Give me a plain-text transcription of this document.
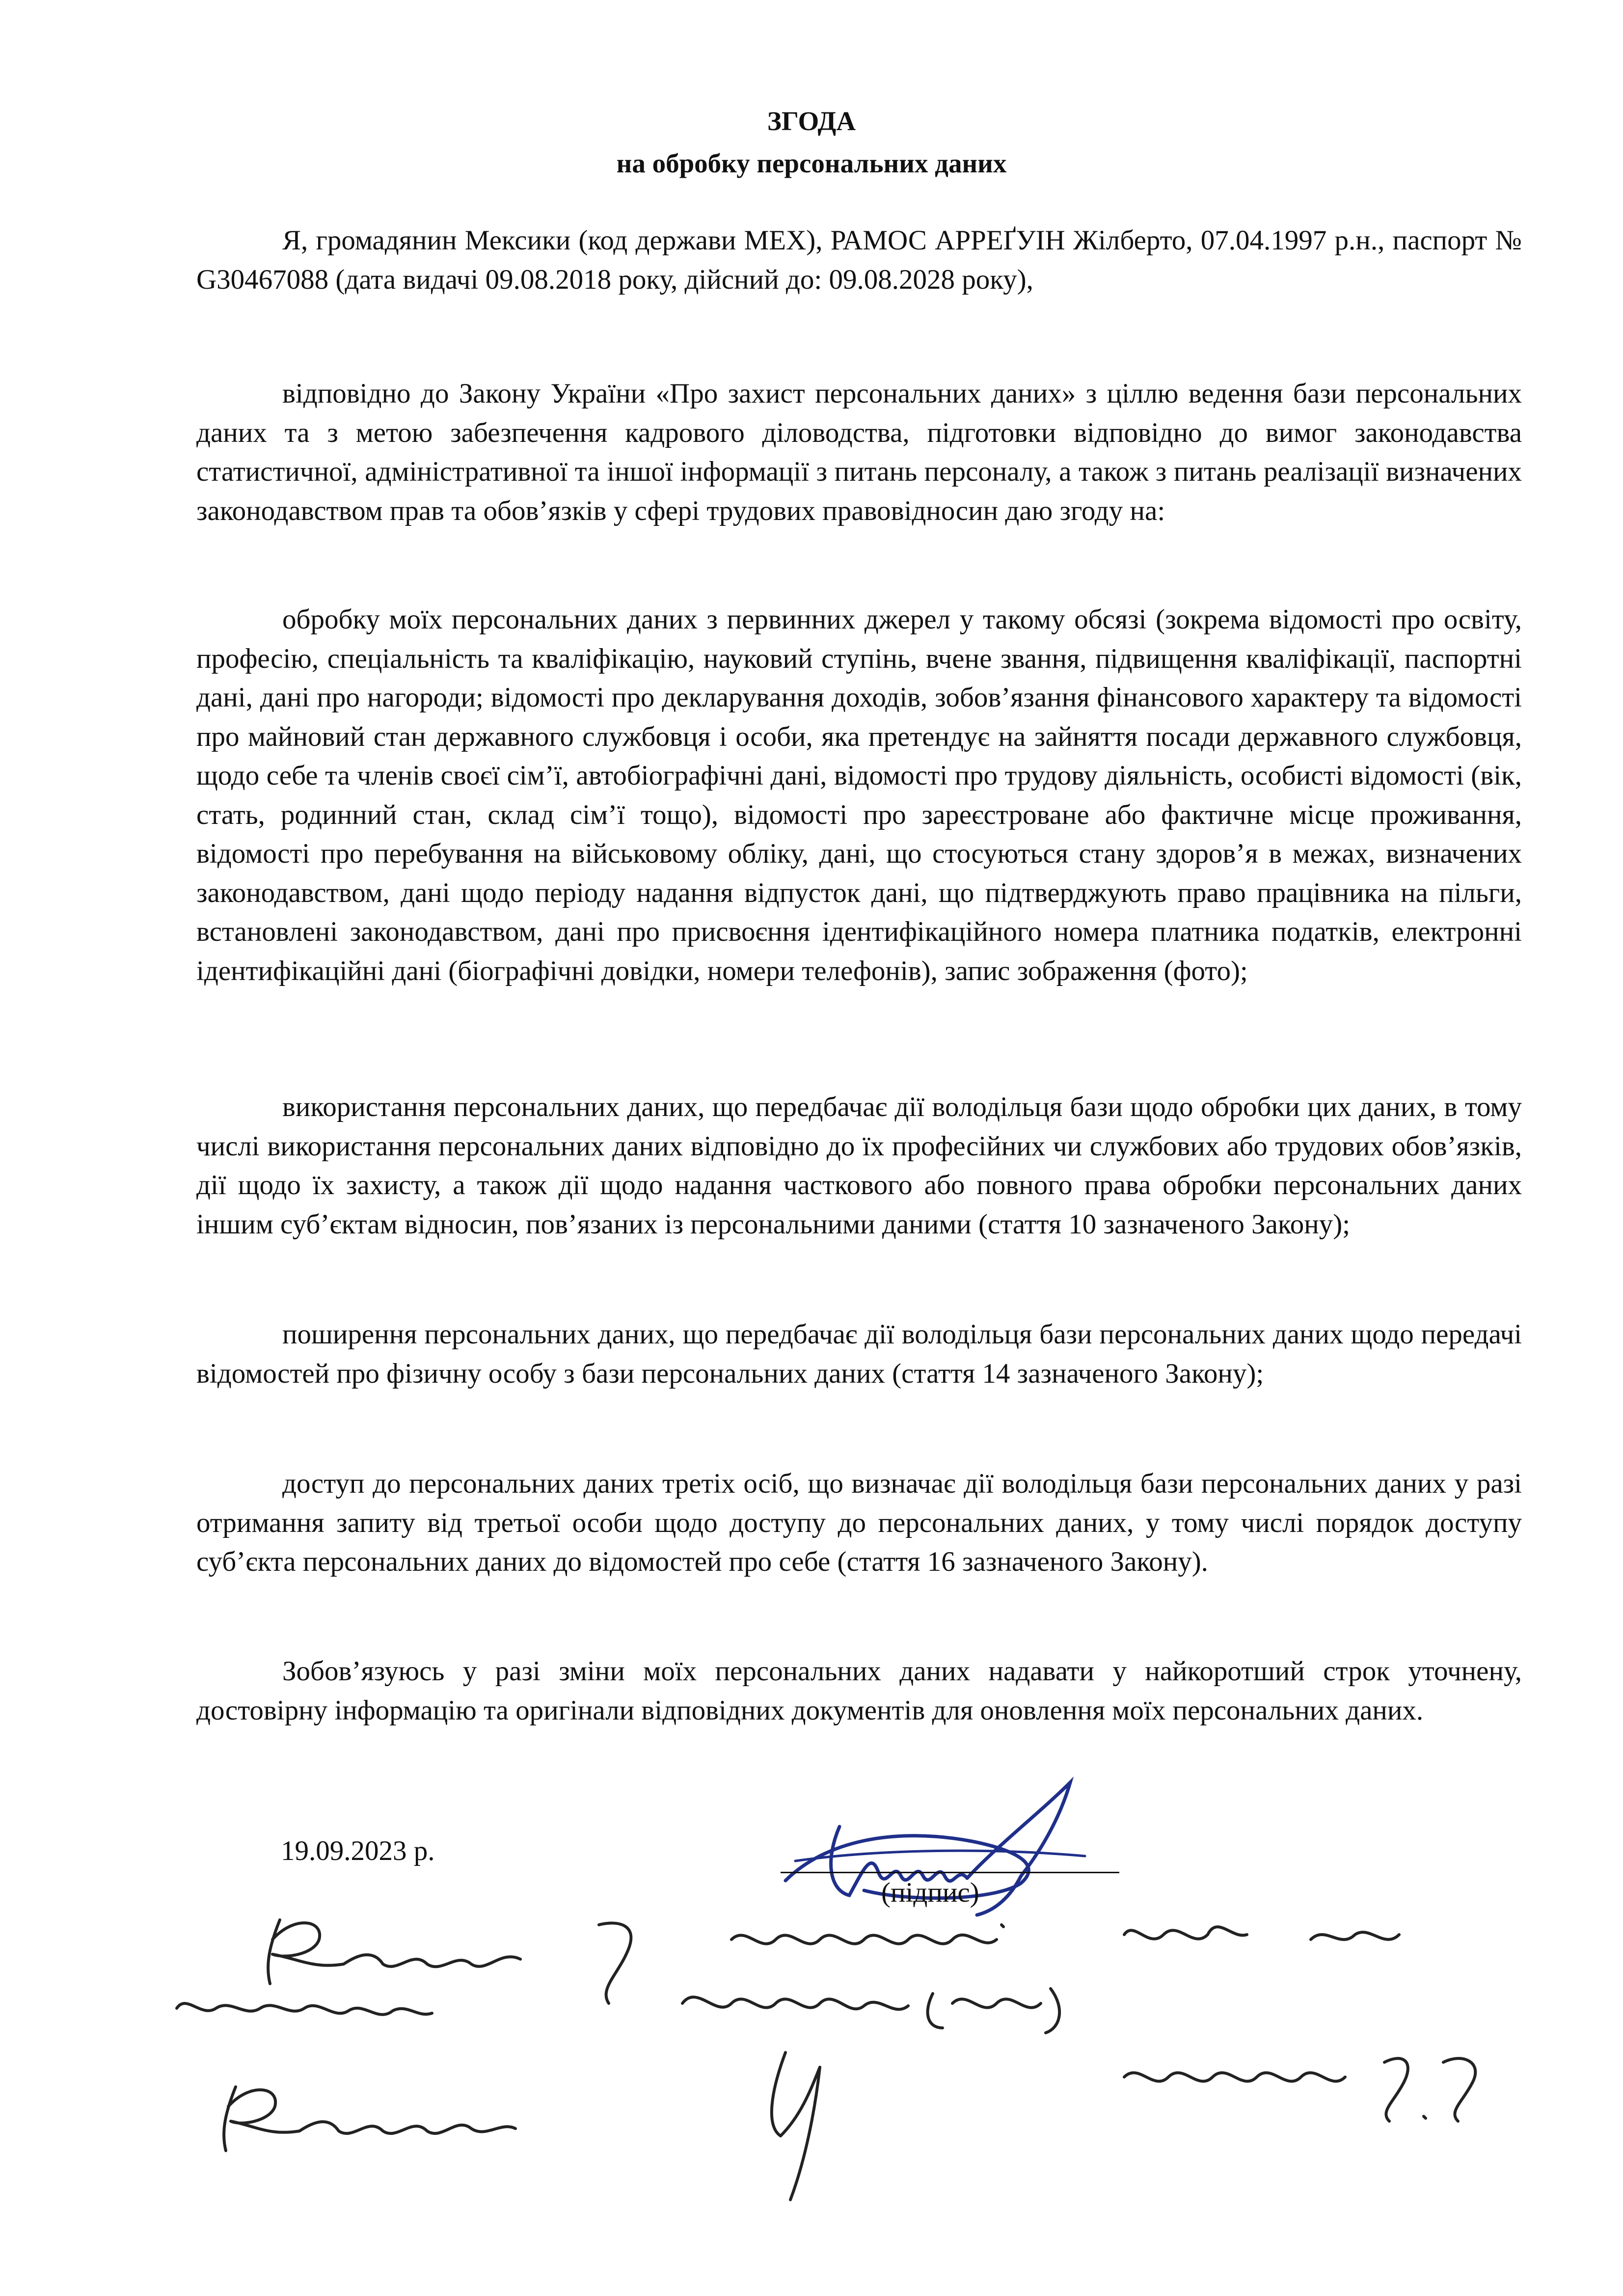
ЗГОДА
на обробку персональних даних

Я, громадянин Мексики (код держави MEX), РАМОС АРРЕҐУІН Жілберто, 07.04.1997 р.н., паспорт № G30467088 (дата видачі 09.08.2018 року, дійсний до: 09.08.2028 року),

відповідно до Закону України «Про захист персональних даних» з ціллю ведення бази персональних даних та з метою забезпечення кадрового діловодства, підготовки відповідно до вимог законодавства статистичної, адміністративної та іншої інформації з питань персоналу, а також з питань реалізації визначених законодавством прав та обов’язків у сфері трудових правовідносин даю згоду на:

обробку моїх персональних даних з первинних джерел у такому обсязі (зокрема відомості про освіту, професію, спеціальність та кваліфікацію, науковий ступінь, вчене звання, підвищення кваліфікації, паспортні дані, дані про нагороди; відомості про декларування доходів, зобов’язання фінансового характеру та відомості про майновий стан державного службовця і особи, яка претендує на зайняття посади державного службовця, щодо себе та членів своєї сім’ї, автобіографічні дані, відомості про трудову діяльність, особисті відомості (вік, стать, родинний стан, склад сім’ї тощо), відомості про зареєстроване або фактичне місце проживання, відомості про перебування на військовому обліку, дані, що стосуються стану здоров’я в межах, визначених законодавством, дані щодо періоду надання відпусток дані, що підтверджують право працівника на пільги, встановлені законодавством, дані про присвоєння ідентифікаційного номера платника податків, електронні ідентифікаційні дані (біографічні довідки, номери телефонів), запис зображення (фото);

використання персональних даних, що передбачає дії володільця бази щодо обробки цих даних, в тому числі використання персональних даних відповідно до їх професійних чи службових або трудових обов’язків, дії щодо їх захисту, а також дії щодо надання часткового або повного права обробки персональних даних іншим суб’єктам відносин, пов’язаних із персональними даними (стаття 10 зазначеного Закону);

поширення персональних даних, що передбачає дії володільця бази персональних даних щодо передачі відомостей про фізичну особу з бази персональних даних (стаття 14 зазначеного Закону);

доступ до персональних даних третіх осіб, що визначає дії володільця бази персональних даних у разі отримання запиту від третьої особи щодо доступу до персональних даних, у тому числі порядок доступу суб’єкта персональних даних до відомостей про себе (стаття 16 зазначеного Закону).

Зобов’язуюсь у разі зміни моїх персональних даних надавати у найкоротший строк уточнену, достовірну інформацію та оригінали відповідних документів для оновлення моїх персональних даних.

19.09.2023 р.
(підпис)
